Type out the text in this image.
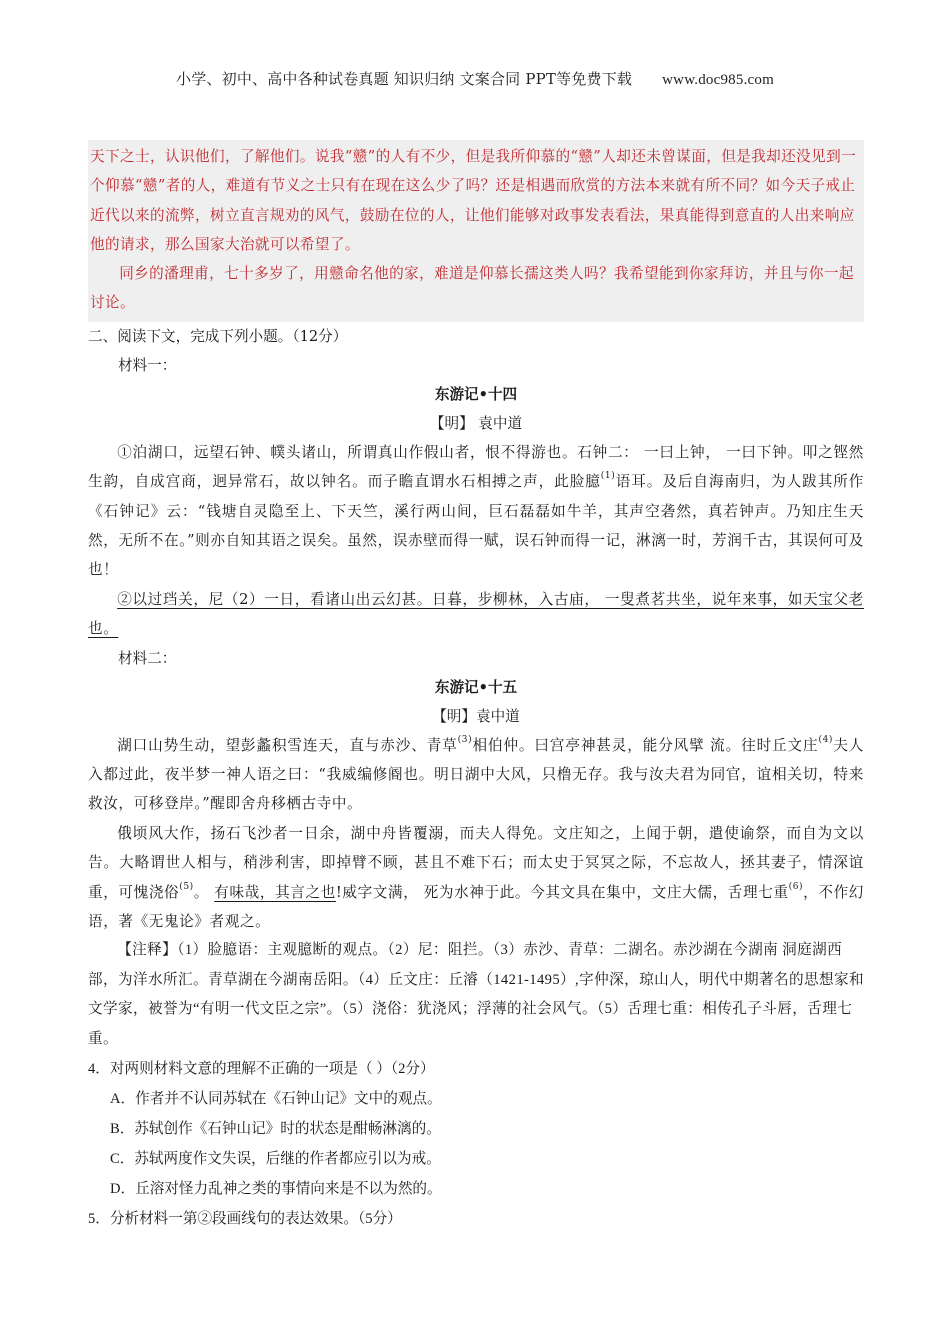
小学、初中、高中各种试卷真题 知识归纳 文案合同 PPT等免费下载 www.doc985.com

天下之士，认识他们，了解他们。说我“戆”的人有不少，但是我所仰慕的“戆”人却还未曾谋面，但是我却还没见到一个仰慕“戆”者的人，难道有节义之士只有在现在这么少了吗？还是相遇而欣赏的方法本来就有所不同？如今天子戒止近代以来的流弊，树立直言规劝的风气，鼓励在位的人，让他们能够对政事发表看法，果真能得到意直的人出来响应他的请求，那么国家大治就可以希望了。

同乡的潘理甫，七十多岁了，用戆命名他的家，难道是仰慕长孺这类人吗？我希望能到你家拜访，并且与你一起讨论。

二、阅读下文，完成下列小题。（12分）

材料一：

东游记•十四

【明】 袁中道

①泊湖口，远望石钟、幞头诸山，所谓真山作假山者，恨不得游也。石钟二： 一曰上钟， 一曰下钟。叩之铿然生韵，自成宫商，迥异常石，故以钟名。而子瞻直谓水石相搏之声，此脸臆$^{(1)}$语耳。及后自海南归，为人跋其所作《石钟记》云：“钱塘自灵隐至上、下天竺，溪行两山间，巨石磊磊如牛羊，其声空砻然，真若钟声。乃知庄生天然，无所不在。”则亦自知其语之误矣。虽然，误赤壁而得一赋，误石钟而得一记，淋漓一时，芳润千古，其误何可及也！

②以过珰关，尼（2）一日，看诸山出云幻甚。日暮，步柳林，入古庙， 一叟煮茗共坐，说年来事，如天宝父老也。

材料二：

东游记•十五

【明】袁中道

湖口山势生动，望彭蠡积雪连天，直与赤沙、青草$^{(3)}$相伯仲。曰宫亭神甚灵，能分风擘 流。往时丘文庄$^{(4)}$夫人入都过此，夜半梦一神人语之曰：“我威编修阍也。明日湖中大风，只橹无存。我与汝夫君为同官，谊相关切，特来救汝，可移登岸。”醒即舍舟移栖古寺中。

俄顷风大作，扬石飞沙者一日余，湖中舟皆覆溺，而夫人得免。文庄知之，上闻于朝，遣使谕祭，而自为文以告。大略谓世人相与，稍涉利害，即掉臂不顾，甚且不难下石；而太史于冥冥之际，不忘故人，拯其妻子，情深谊重，可愧浇俗$^{(5)}$。 有味哉，其言之也!威字文满， 死为水神于此。今其文具在集中，文庄大儒，舌理七重$^{(6)}$，不作幻语，著《无鬼论》者观之。

【注释】（1）脸臆语：主观臆断的观点。（2）尼：阻拦。（3）赤沙、青草：二湖名。赤沙湖在今湖南 洞庭湖西部，为洋水所汇。青草湖在今湖南岳阳。（4）丘文庄：丘濬（1421-1495）,字仲深，琼山人，明代中期著名的思想家和文学家，被誉为“有明一代文臣之宗”。（5）浇俗：犹浇风；浮薄的社会风气。（5）舌理七重：相传孔子斗唇，舌理七重。

4．对两则材料文意的理解不正确的一项是（ ）（2分）

A．作者并不认同苏轼在《石钟山记》文中的观点。

B．苏轼创作《石钟山记》时的状态是酣畅淋漓的。

C．苏轼两度作文失误，后继的作者都应引以为戒。

D．丘溶对怪力乱神之类的事情向来是不以为然的。

5．分析材料一第②段画线句的表达效果。（5分）
